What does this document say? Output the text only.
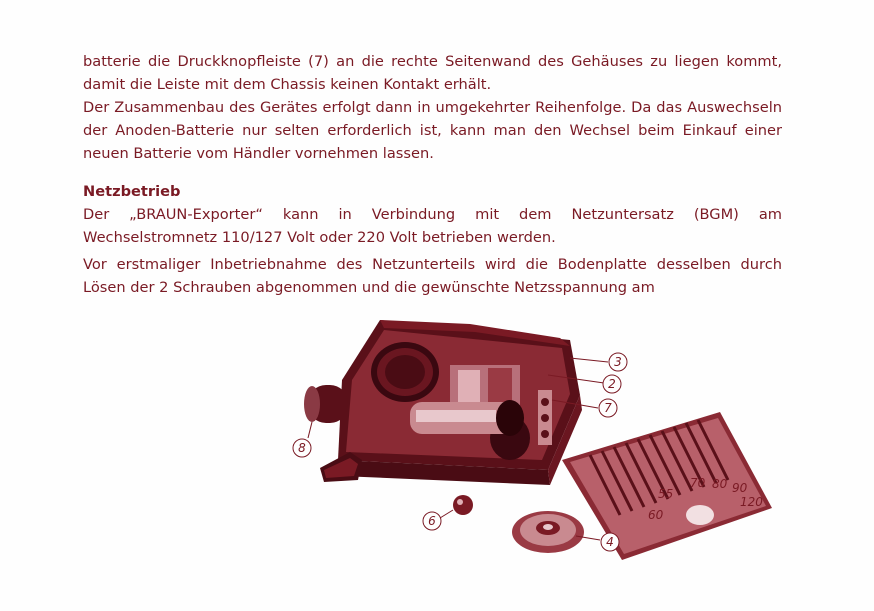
batterie die Druckknopfleiste (7) an die rechte Seitenwand des Gehäuses zu liegen kommt, damit die Leiste mit dem Chassis keinen Kontakt erhält.

Der Zusammenbau des Gerätes erfolgt dann in umgekehrter Reihenfolge. Da das Auswechseln der Anoden-Batterie nur selten erforderlich ist, kann man den Wechsel beim Einkauf einer neuen Batterie vom Händler vornehmen lassen.

Netzbetrieb

Der „BRAUN-Exporter“ kann in Verbindung mit dem Netzuntersatz (BGM) am Wechselstromnetz 110/127 Volt oder 220 Volt betrieben werden.

Vor erstmaliger Inbetriebnahme des Netzunterteils wird die Bodenplatte desselben durch Lösen der 2 Schrauben abgenommen und die gewünschte Netzsspannung am

60
55
70 80 90
120
3
2
7
8
6
4
